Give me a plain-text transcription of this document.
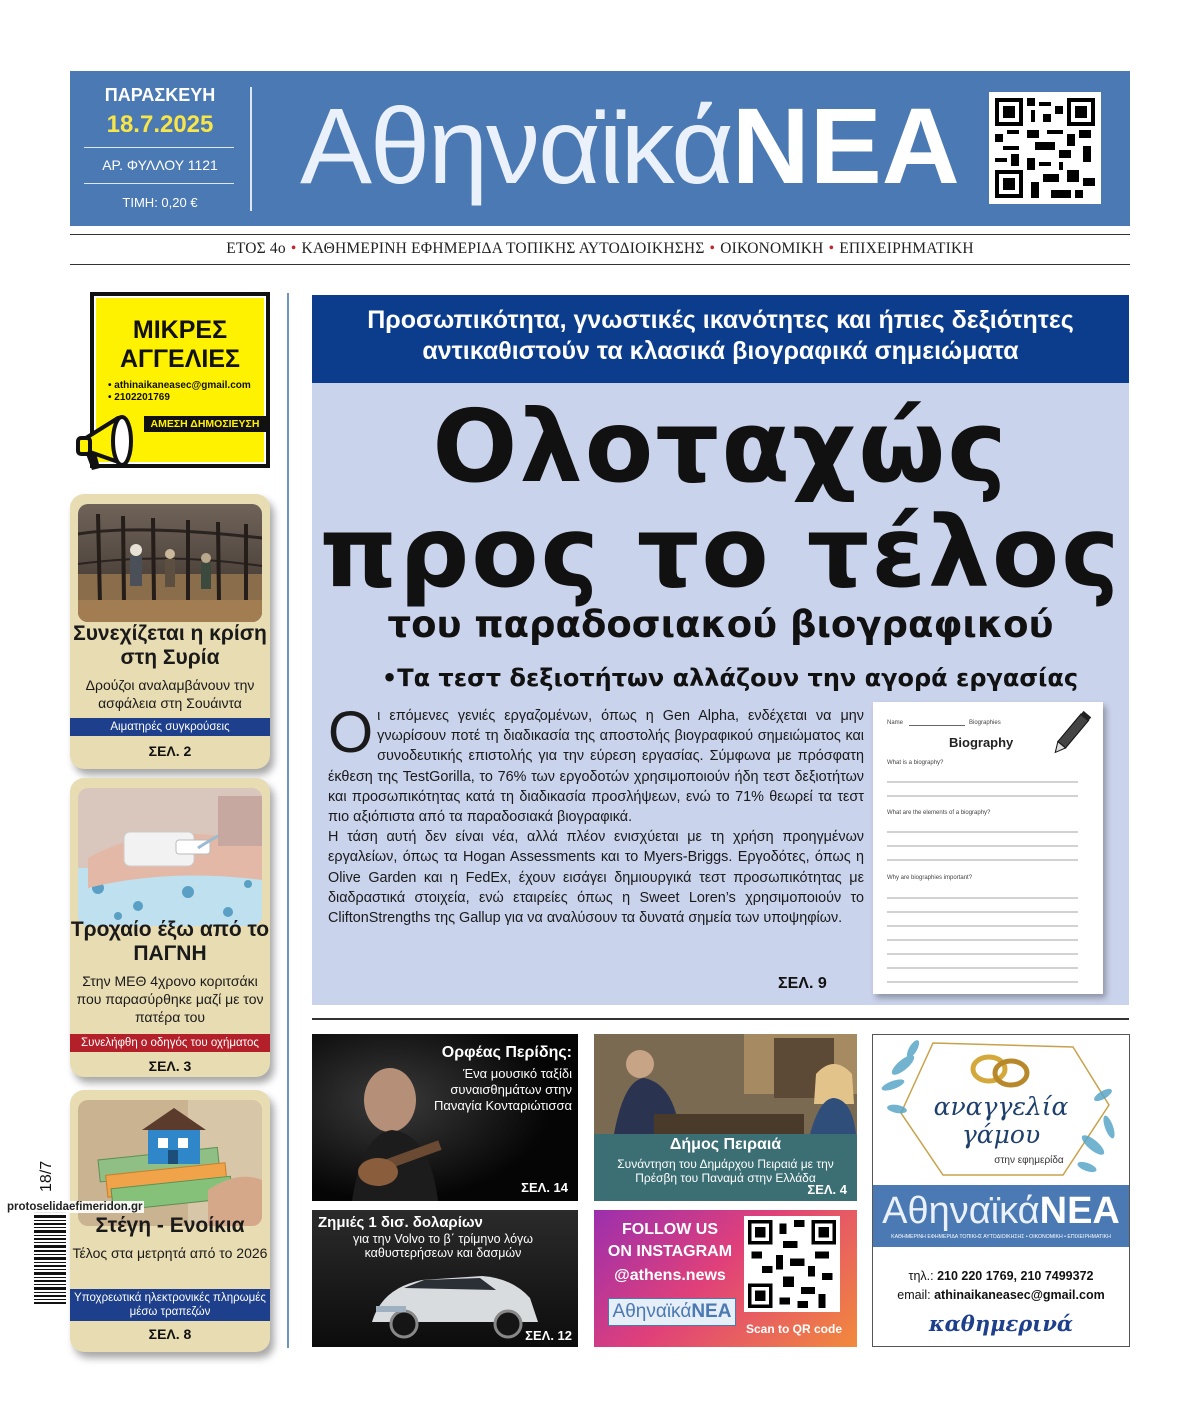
ΠΑΡΑΣΚΕΥΗ
18.7.2025
ΑΡ. ΦΥΛΛΟΥ 1121
ΤΙΜΗ: 0,20 € ΑθηναϊκάΝΕΑ
ΕΤΟΣ 4ο • ΚΑΘΗΜΕΡΙΝΗ ΕΦΗΜΕΡΙΔΑ ΤΟΠΙΚΗΣ ΑΥΤΟΔΙΟΙΚΗΣΗΣ • ΟΙΚΟΝΟΜΙΚΗ • ΕΠΙΧΕΙΡΗΜΑΤΙΚΗ
ΜΙΚΡΕΣ
ΑΓΓΕΛΙΕΣ
• athinaikaneasec@gmail.com
• 2102201769
ΑΜΕΣΗ ΔΗΜΟΣΙΕΥΣΗ
Συνεχίζεται η κρίση στη Συρία
Δρούζοι αναλαμβάνουν την ασφάλεια στη Σουάιντα
Αιματηρές συγκρούσεις
ΣΕΛ. 2
Τροχαίο έξω από το ΠΑΓΝΗ
Στην ΜΕΘ 4χρονο κοριτσάκι που παρασύρθηκε μαζί με τον πατέρα του
Συνελήφθη ο οδηγός του οχήματος
ΣΕΛ. 3
Στέγη - Ενοίκια
Τέλος στα μετρητά από το 2026
Υποχρεωτικά ηλεκτρονικές πληρωμές μέσω τραπεζών
ΣΕΛ. 8
18/7
protoselidaefimeridon.gr
Προσωπικότητα, γνωστικές ικανότητες και ήπιες δεξιότητες αντικαθιστούν τα κλασικά βιογραφικά σημειώματα
Ολοταχώς
προς το τέλος
του παραδοσιακού βιογραφικού
•Τα τεστ δεξιοτήτων αλλάζουν την αγορά εργασίας
Οι επόμενες γενιές εργαζομένων, όπως η Gen Alpha, ενδέχεται να μην γνωρίσουν ποτέ τη διαδικασία της αποστολής βιογραφικού σημειώματος και συνοδευτικής επιστολής για την εύρεση εργασίας. Σύμφωνα με πρόσφατη έκθεση της TestGorilla, το 76% των εργοδοτών χρησιμοποιούν ήδη τεστ δεξιοτήτων και προσωπικότητας κατά τη διαδικασία προσλήψεων, ενώ το 71% θεωρεί τα τεστ πιο αξιόπιστα από τα παραδοσιακά βιογραφικά.
Η τάση αυτή δεν είναι νέα, αλλά πλέον ενισχύεται με τη χρήση προηγμένων εργαλείων, όπως τα Hogan Assessments και το Myers-Briggs. Εργοδότες, όπως η Olive Garden και η FedEx, έχουν εισάγει δημιουργικά τεστ προσωπικότητας με διαδραστικά στοιχεία, ενώ εταιρείες όπως η Sweet Loren’s χρησιμοποιούν το CliftonStrengths της Gallup για να αναλύσουν τα δυνατά σημεία των υποψηφίων.
ΣΕΛ. 9
Name	Biographies
Biography
What is a biography?
What are the elements of a biography?
Why are biographies important?
Ορφέας Περίδης:
Ένα μουσικό ταξίδι συναισθημάτων στην Παναγία Κονταριώτισσα
ΣΕΛ. 14
Δήμος Πειραιά
Συνάντηση του Δημάρχου Πειραιά με την Πρέσβη του Παναμά στην Ελλάδα
ΣΕΛ. 4
Ζημιές 1 δισ. δολαρίων
για την Volvo το β΄ τρίμηνο λόγω καθυστερήσεων και δασμών
ΣΕΛ. 12
FOLLOW US
ON INSTAGRAM
@athens.news
ΑθηναϊκάΝΕΑ
Scan to QR code
αναγγελία
γάμου
στην εφημερίδα
ΑθηναϊκάΝΕΑ
ΚΑΘΗΜΕΡΙΝΗ ΕΦΗΜΕΡΙΔΑ ΤΟΠΙΚΗΣ ΑΥΤΟΔΙΟΙΚΗΣΗΣ • ΟΙΚΟΝΟΜΙΚΗ • ΕΠΙΧΕΙΡΗΜΑΤΙΚΗ
τηλ.: 210 220 1769, 210 7499372
email: athinaikaneasec@gmail.com
καθημερινά
